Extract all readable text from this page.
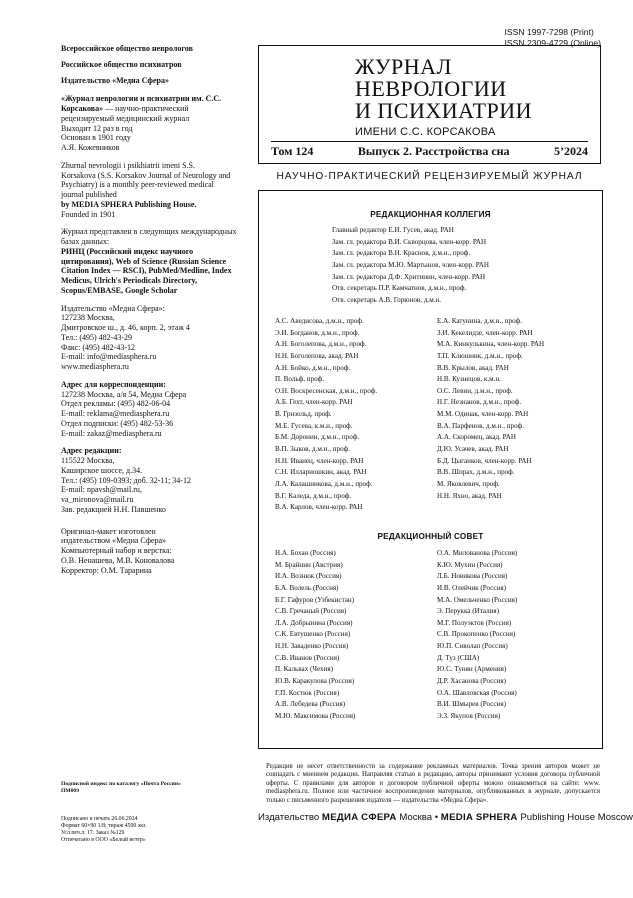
ISSN 1997-7298 (Print)
ISSN 2309-4729 (Online)

Всероссийское общество неврологов

Российское общество психиатров

Издательство «Медиа Сфера»

«Журнал неврологии и психиатрии им. С.С. Корсакова» — научно-практический рецензируемый медицинский журнал

Выходит 12 раз в год

Основан в 1901 году

А.Я. Кожевников

Zhurnal nevrologii i psikhiatrii imeni S.S. Korsakova (S.S. Korsakov Journal of Neurology and Psychiatry) is a monthly peer-reviewed medical journal published

by MEDIA SPHERA Publishing House.

Founded in 1901

Журнал представлен в следующих международных базах данных:

РИНЦ (Российский индекс научного цитирования), Web of Science (Russian Science Citation Index — RSCI), PubMed/Medline, Index Medicus, Ulrich's Periodicals Directory, Scopus/EMBASE, Google Scholar

Издательство «Медиа Сфера»:

127238 Москва,

Дмитровское ш., д. 46, корп. 2, этаж 4

Тел.: (495) 482-43-29

Факс: (495) 482-43-12

E-mail: info@mediasphera.ru

www.mediasphera.ru

Адрес для корреспонденции:

127238 Москва, а/я 54, Медиа Сфера

Отдел рекламы: (495) 482-06-04

E-mail: reklama@mediasphera.ru

Отдел подписки: (495) 482-53-36

E-mail: zakaz@mediasphera.ru

Адрес редакции:

115522 Москва,

Каширское шоссе, д.34.

Тел.: (495) 109-0393; доб. 32-11; 34-12

E-mail: npavsh@mail.ru,

va_mironova@mail.ru

Зав. редакцией Н.Н. Павшенко

Оригинал-макет изготовлен

издательством «Медиа Сфера»

Компьютерный набор и верстка:

О.В. Ненашева, М.В. Коновалова

Корректор: О.М. Тарарина

Подписной индекс по каталогу «Почта России»

ПМ009

Подписано в печать 26.06.2024

Формат 60×90 1/8; тираж 4500 экз.

Усл.печ.л. 17. Заказ №129

Отпечатано в ООО «Белый ветер»

ЖУРНАЛ
НЕВРОЛОГИИ
И ПСИХИАТРИИ
ИМЕНИ С.С. КОРСАКОВА
Том 124	Выпуск 2. Расстройства сна	5’2024
НАУЧНО-ПРАКТИЧЕСКИЙ РЕЦЕНЗИРУЕМЫЙ ЖУРНАЛ
РЕДАКЦИОННАЯ КОЛЛЕГИЯ
Главный редактор Е.И. Гусев, акад. РАН
Зам. гл. редактора В.И. Скворцова, член-корр. РАН
Зам. гл. редактора В.Н. Краснов, д.м.н., проф.
Зам. гл. редактора М.Ю. Мартынов, член-корр. РАН
Зам. гл. редактора Д.Ф. Хритинин, член-корр. РАН
Отв. секретарь П.Р. Камчатнов, д.м.н., проф.
Отв. секретарь А.В. Горюнов, д.м.н.
А.С. Аведисова, д.м.н., проф.
Э.И. Богданов, д.м.н., проф.
А.Н. Боголепова, д.м.н., проф.
Н.Н. Боголепова, акад. РАН
А.Н. Бойко, д.м.н., проф.
П. Вольф, проф.
О.Н. Воскресенская, д.м.н., проф.
А.Б. Гехт, член-корр. РАН
В. Гризольд, проф.
М.Е. Гусева, к.м.н., проф.
Б.М. Доронин, д.м.н., проф.
В.П. Зыков, д.м.н., проф.
Н.Н. Иванец, член-корр. РАН
С.Н. Иллариошкин, акад. РАН
Л.А. Калашникова, д.м.н., проф.
В.Г. Каледа, д.м.н., проф.
В.А. Карлов, член-корр. РАН
Е.А. Катунина, д.м.н., проф.
З.И. Кекелидзе, член-корр. РАН
М.А. Кинкулькина, член-корр. РАН
Т.П. Клюшник, д.м.н., проф.
В.В. Крылов, акад. РАН
Н.В. Кузнецов, к.м.н.
О.С. Левин, д.м.н., проф.
Н.Г. Незнанов, д.м.н., проф.
М.М. Одинак, член-корр. РАН
В.А. Парфенов, д.м.н., проф.
А.А. Скоромец, акад. РАН
Д.Ю. Усачев, акад. РАН
Б.Д. Цыганков, член-корр. РАН
В.В. Шпрах, д.м.н., проф.
М. Яковлевич, проф.
Н.Н. Яхно, акад. РАН
РЕДАКЦИОННЫЙ СОВЕТ
Н.А. Бохан (Россия)
М. Брайнин (Австрия)
И.А. Вознюк (Россия)
Б.А. Волель (Россия)
Б.Г. Гафуров (Узбекистан)
С.В. Гречаный (Россия)
Л.А. Добрынина (Россия)
С.К. Евтушенко (Россия)
Н.Н. Заваденко (Россия)
С.В. Иванов (Россия)
П. Кальвах (Чехия)
Ю.В. Каракулова (Россия)
Г.П. Костюк (Россия)
А.В. Лебедева (Россия)
М.Ю. Максимова (Россия)
О.А. Милованова (Россия)
К.Ю. Мухин (Россия)
Л.Б. Новикова (Россия)
И.В. Олейчик (Россия)
М.А. Омельченко (Россия)
Э. Перукка (Италия)
М.Г. Полуэктов (Россия)
С.В. Прокопенко (Россия)
Ю.П. Сиволап (Россия)
Д. Туз (США)
Ю.С. Тунян (Армения)
Д.Р. Хасанова (Россия)
О.А. Шавловская (Россия)
В.И. Шмырев (Россия)
Э.З. Якупов (Россия)
Редакция не несет ответственности за содержание рекламных материалов. Точка зрения авторов может не совпадать с мнением редакции. Направляя статью в редакцию, авторы принимают условия договора публичной оферты. С правилами для авторов и договором публичной оферты можно ознакомиться на сайте: www. mediasphera.ru. Полное или частичное воспроизведение материалов, опубликованных в журнале, допускается только с письменного разрешения издателя — издательства «Медиа Сфера».
Издательство МЕДИА СФЕРА Москва • MEDIA SPHERA Publishing House Moscow
